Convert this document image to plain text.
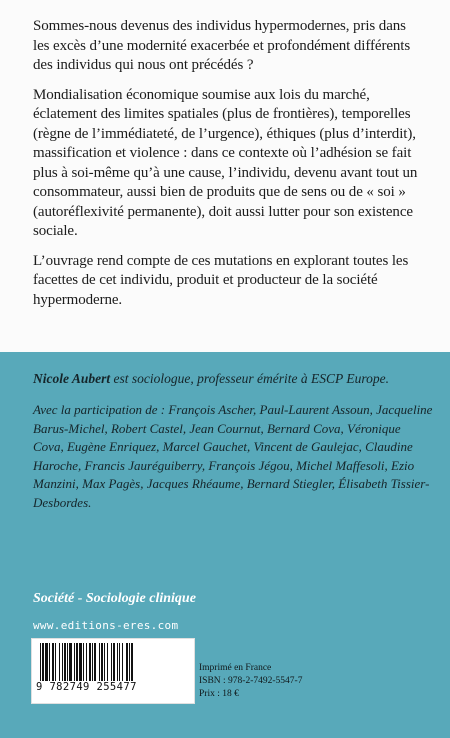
Sommes-nous devenus des individus hypermodernes, pris dans les excès d’une modernité exacerbée et profondément différents des individus qui nous ont précédés ?

Mondialisation économique soumise aux lois du marché, éclatement des limites spatiales (plus de frontières), temporelles (règne de l’immédiateté, de l’urgence), éthiques (plus d’interdit), massification et violence : dans ce contexte où l’adhésion se fait plus à soi-même qu’à une cause, l’individu, devenu avant tout un consommateur, aussi bien de produits que de sens ou de « soi » (autoréflexivité permanente), doit aussi lutter pour son existence sociale.

L’ouvrage rend compte de ces mutations en explorant toutes les facettes de cet individu, produit et producteur de la société hypermoderne.

Nicole Aubert est sociologue, professeur émérite à ESCP Europe.
Avec la participation de : François Ascher, Paul-Laurent Assoun, Jacqueline Barus-Michel, Robert Castel, Jean Cournut, Bernard Cova, Véronique Cova, Eugène Enriquez, Marcel Gauchet, Vincent de Gaulejac, Claudine Haroche, Francis Jauréguiberry, François Jégou, Michel Maffesoli, Ezio Manzini, Max Pagès, Jacques Rhéaume, Bernard Stiegler, Élisabeth Tissier-Desbordes.
Société - Sociologie clinique
www.editions-eres.com
9 782749 255477
Imprimé en France
ISBN : 978-2-7492-5547-7
Prix : 18 €
